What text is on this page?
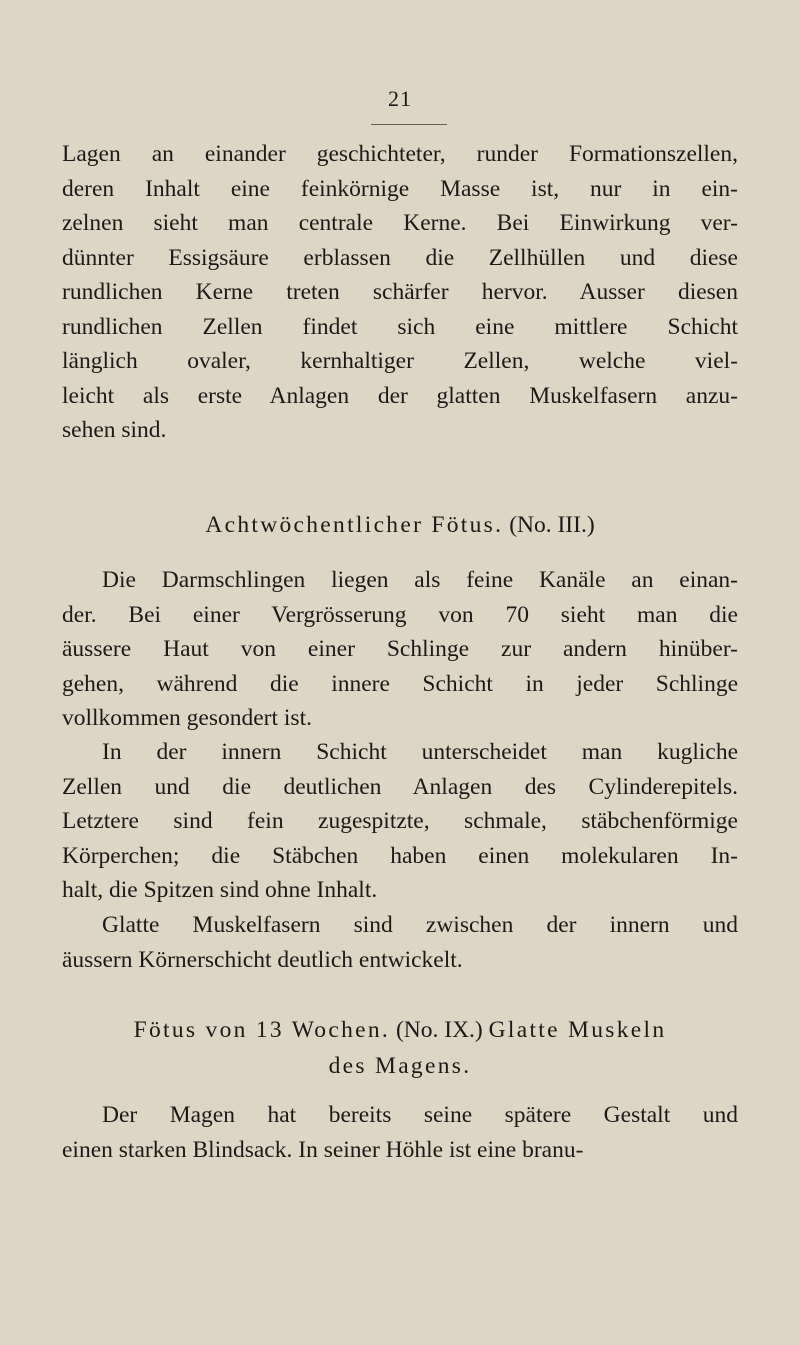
21
Lagen an einander geschichteter, runder Formationszellen,
deren Inhalt eine feinkörnige Masse ist, nur in ein-
zelnen sieht man centrale Kerne. Bei Einwirkung ver-
dünnter Essigsäure erblassen die Zellhüllen und diese
rundlichen Kerne treten schärfer hervor. Ausser diesen
rundlichen Zellen findet sich eine mittlere Schicht
länglich ovaler, kernhaltiger Zellen, welche viel-
leicht als erste Anlagen der glatten Muskelfasern anzu-
sehen sind.
Achtwöchentlicher Fötus. (No. III.)
Die Darmschlingen liegen als feine Kanäle an einan-
der. Bei einer Vergrösserung von 70 sieht man die
äussere Haut von einer Schlinge zur andern hinüber-
gehen, während die innere Schicht in jeder Schlinge
vollkommen gesondert ist.
In der innern Schicht unterscheidet man kugliche
Zellen und die deutlichen Anlagen des Cylinderepitels.
Letztere sind fein zugespitzte, schmale, stäbchenförmige
Körperchen; die Stäbchen haben einen molekularen In-
halt, die Spitzen sind ohne Inhalt.
Glatte Muskelfasern sind zwischen der innern und
äussern Körnerschicht deutlich entwickelt.
Fötus von 13 Wochen. (No. IX.) Glatte Muskeln
des Magens.
Der Magen hat bereits seine spätere Gestalt und
einen starken Blindsack. In seiner Höhle ist eine branu-
